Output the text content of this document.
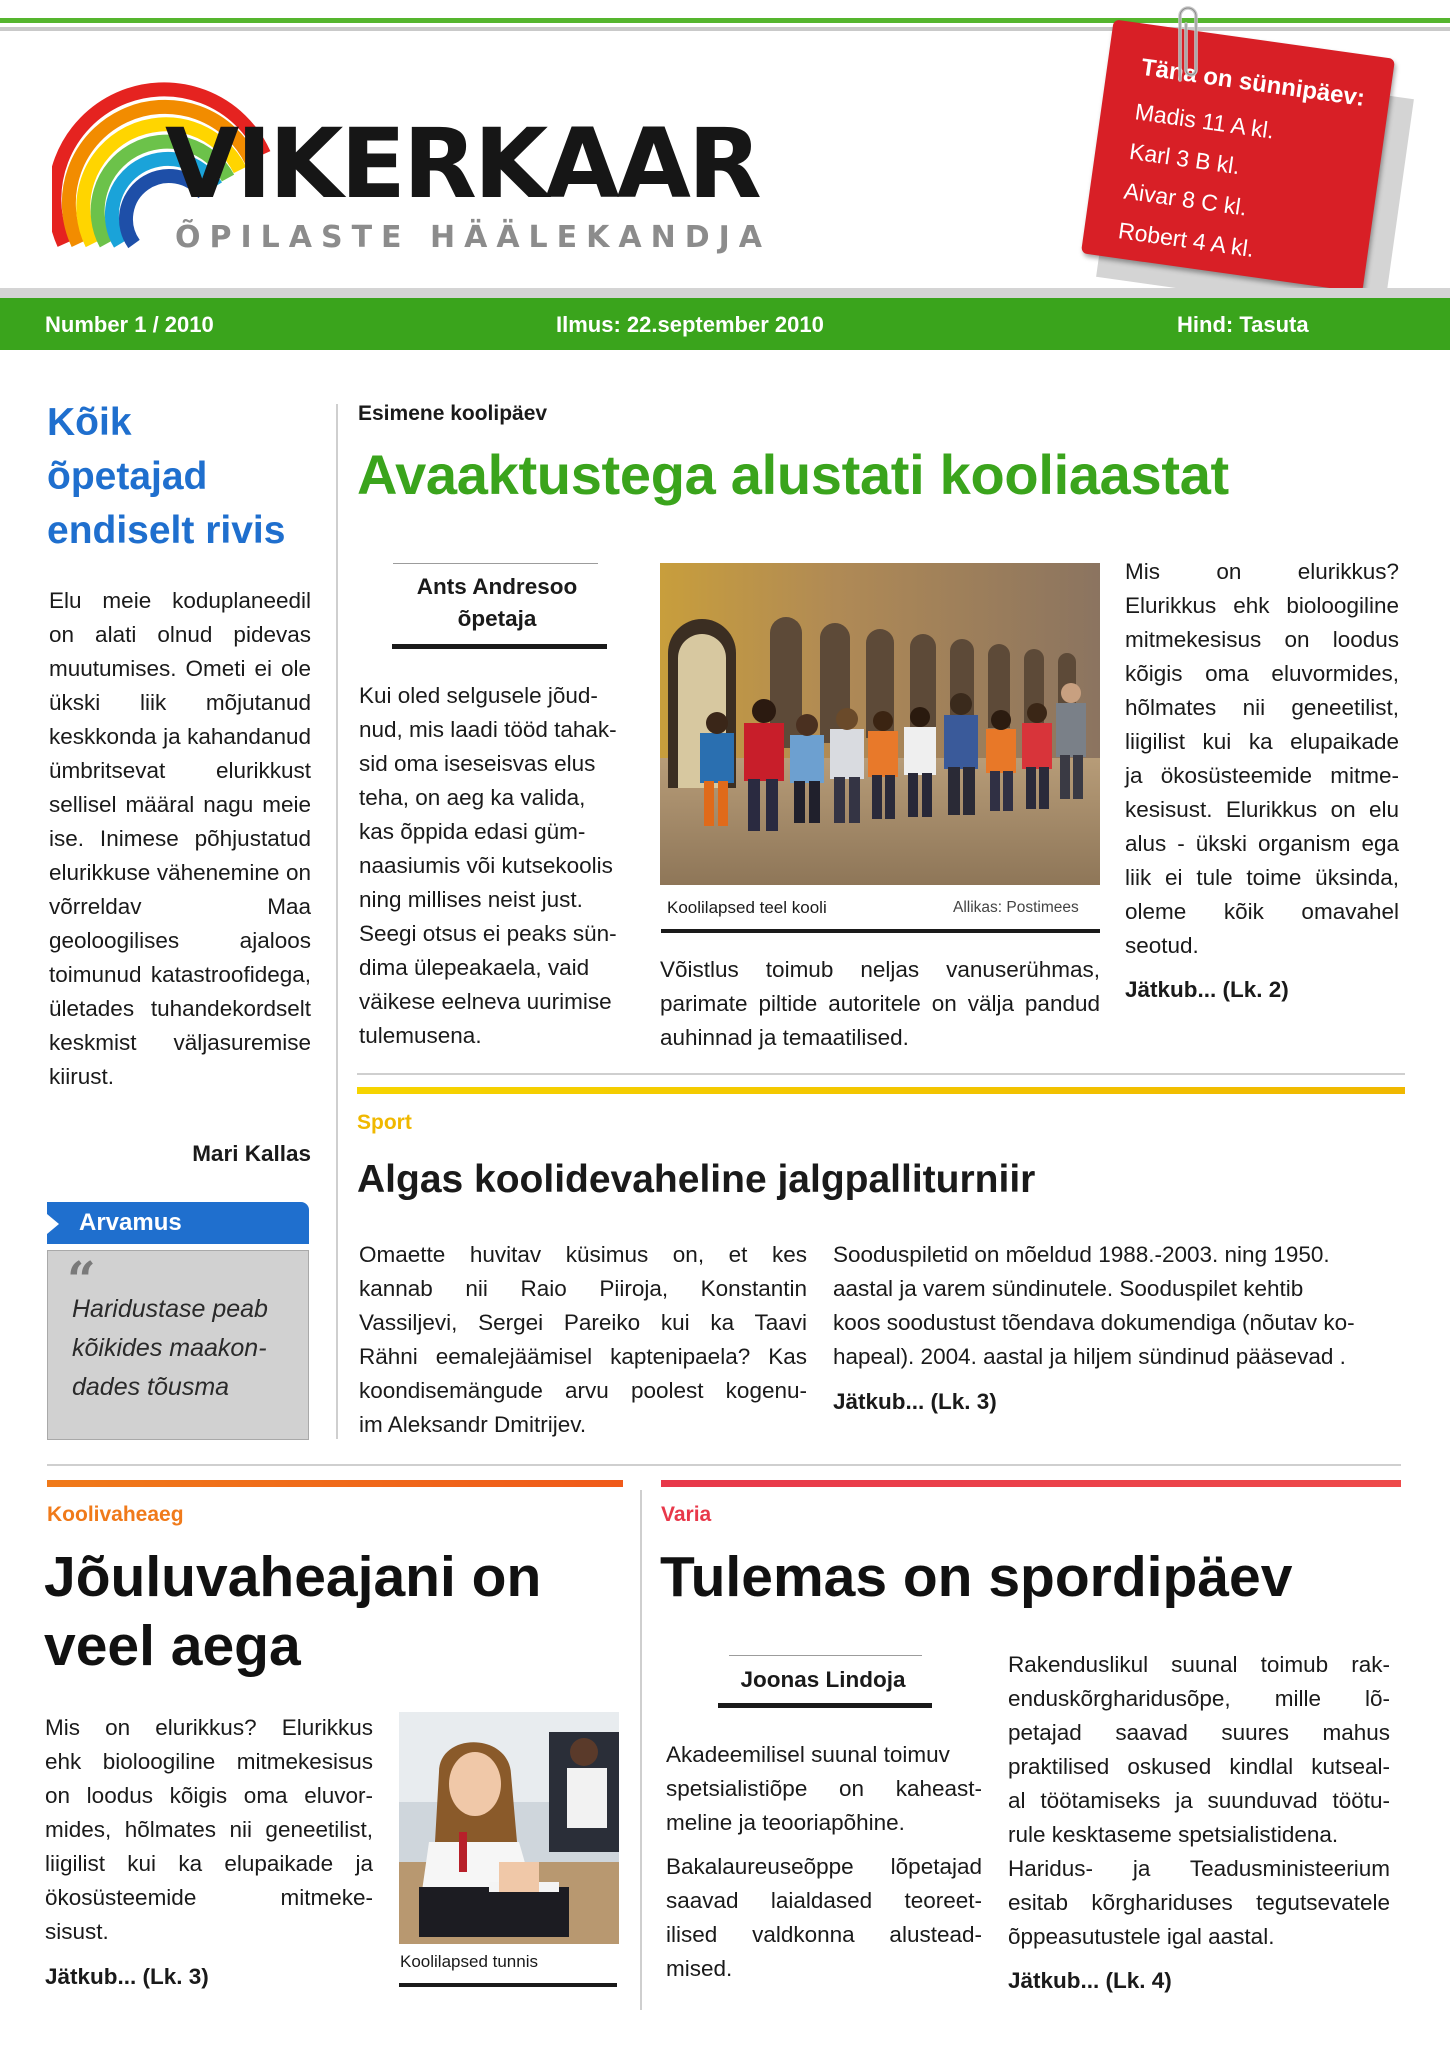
VIKERKAAR
ÕPILASTE HÄÄLEKANDJA
Täna on sünnipäev:
Madis 11 A kl.
Karl 3 B kl.
Aivar 8 C kl.
Robert 4 A kl.
Number 1 / 2010	Ilmus: 22.september 2010	Hind: Tasuta
Kõik
õpetajad
endiselt rivis
Elu meie koduplaneedil on alati olnud pidevas muutumises. Ometi ei ole ükski liik mõjutanud keskkonda ja kahandanud ümbritsevat elurikkust sellisel määral nagu meie ise. Inimese põhjustatud elurikkuse vähenemine on võrreldav Maa geoloogilises ajaloos toimunud katastroofidega, ületades tuhandekordselt keskmist väljasuremise kiirust.
Mari Kallas
Arvamus
“
Haridustase peab
kõikides maakon-
dades tõusma
Esimene koolipäev
Avaaktustega alustati kooliaastat
Ants Andresoo
õpetaja
Kui oled selgusele jõud-
nud, mis laadi tööd tahak-
sid oma iseseisvas elus
teha, on aeg ka valida,
kas õppida edasi güm-
naasiumis või kutsekoolis
ning millises neist just.
Seegi otsus ei peaks sün-
dima ülepeakaela, vaid
väikese eelneva uurimise
tulemusena.
Koolilapsed teel kooli	Allikas: Postimees
Võistlus toimub neljas vanuserühmas, parimate piltide autoritele on välja pandud auhinnad ja temaatilised.
Mis on elurikkus?
Elurikkus ehk bioloogiline
mitmekesisus on loodus
kõigis oma eluvormides,
hõlmates nii geneetilist,
liigilist kui ka elupaikade
ja ökosüsteemide mitme-
kesisust. Elurikkus on elu
alus - ükski organism ega
liik ei tule toime üksinda,
oleme kõik omavahel
seotud.
Jätkub... (Lk. 2)
Sport
Algas koolidevaheline jalgpalliturniir
Omaette huvitav küsimus on, et kes
kannab nii Raio Piiroja, Konstantin
Vassiljevi, Sergei Pareiko kui ka Taavi
Rähni eemalejäämisel kaptenipaela? Kas
koondisemängude arvu poolest kogenu-
im Aleksandr Dmitrijev.
Sooduspiletid on mõeldud 1988.-2003. ning 1950.
aastal ja varem sündinutele. Sooduspilet kehtib
koos soodustust tõendava dokumendiga (nõutav ko-
hapeal). 2004. aastal ja hiljem sündinud pääsevad .
Jätkub... (Lk. 3)
Koolivaheaeg
Jõuluvaheajani on
veel aega
Mis on elurikkus? Elurikkus
ehk bioloogiline mitmekesisus
on loodus kõigis oma eluvor-
mides, hõlmates nii geneetilist,
liigilist kui ka elupaikade ja
ökosüsteemide mitmeke-
sisust.
Jätkub... (Lk. 3)
Koolilapsed tunnis
Varia
Tulemas on spordipäev
Joonas Lindoja
Akadeemilisel suunal toimuv
spetsialistiõpe on kaheast-
meline ja teooriapõhine.
Bakalaureuseõppe lõpetajad
saavad laialdased teoreet-
ilised valdkonna alustead-
mised.
Rakenduslikul suunal toimub rak-
enduskõrgharidusõpe, mille lõ-
petajad saavad suures mahus
praktilised oskused kindlal kutseal-
al töötamiseks ja suunduvad töötu-
rule kesktaseme spetsialistidena.
Haridus- ja Teadusministeerium
esitab kõrghariduses tegutsevatele
õppeasutustele igal aastal.
Jätkub... (Lk. 4)
